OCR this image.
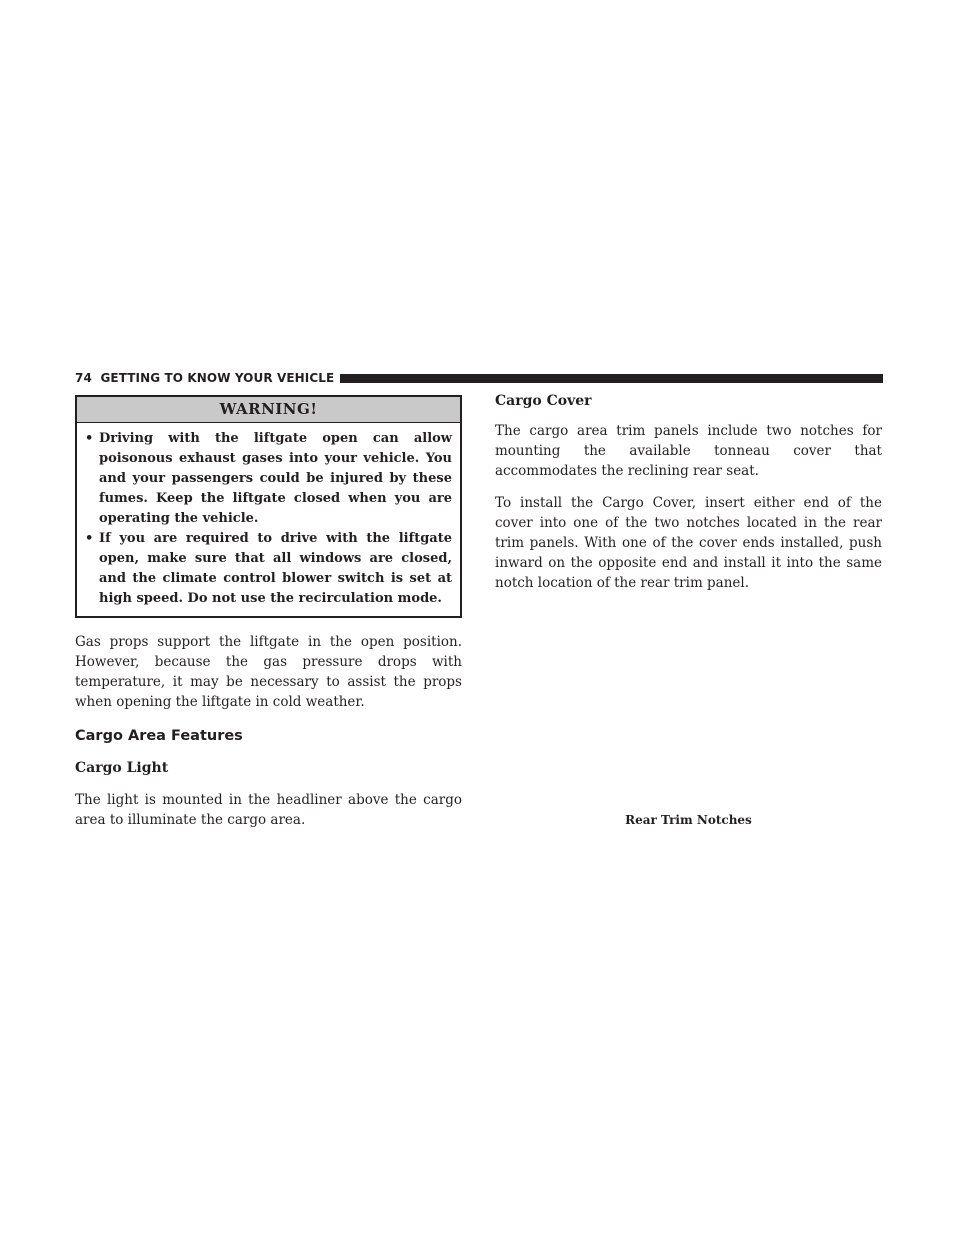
74 GETTING TO KNOW YOUR VEHICLE
WARNING!
• Driving with the liftgate open can allow poisonous exhaust gases into your vehicle. You and your passengers could be injured by these fumes. Keep the liftgate closed when you are operating the vehicle.
• If you are required to drive with the liftgate open, make sure that all windows are closed, and the climate control blower switch is set at high speed. Do not use the recirculation mode.

Gas props support the liftgate in the open position. However, because the gas pressure drops with temperature, it may be necessary to assist the props when opening the liftgate in cold weather.

Cargo Area Features
Cargo Light

The light is mounted in the headliner above the cargo area to illuminate the cargo area.

Cargo Cover

The cargo area trim panels include two notches for mounting the available tonneau cover that accommodates the reclining rear seat.

To install the Cargo Cover, insert either end of the cover into one of the two notches located in the rear trim panels. With one of the cover ends installed, push inward on the opposite end and install it into the same notch location of the rear trim panel.

Rear Trim Notches
